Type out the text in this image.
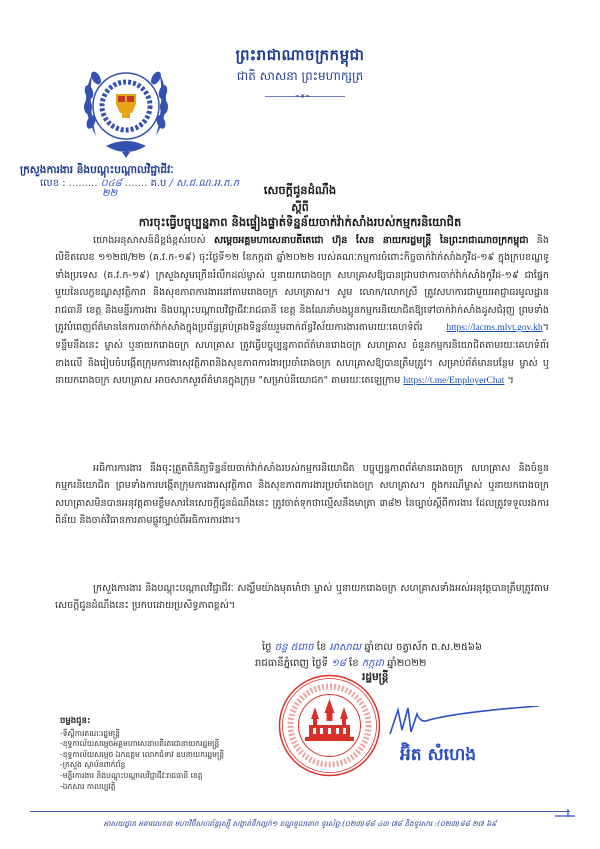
ព្រះរាជាណាចក្រកម្ពុជា
ជាតិ សាសនា ព្រះមហាក្សត្រ
❧❦❧
ក្រសួងការងារ និងបណ្ដុះបណ្ដាលវិជ្ជាជីវៈ
លេខ : ......... ០៤៨ ....... គ.ប / ស.ជ.ណ.អ.ភ.ក
២២	សេចក្ដីជូនដំណឹង
ស្ដីពី
ការចុះធ្វើបច្ចុប្បន្នភាព និងផ្ទៀងផ្ទាត់ទិន្នន័យចាក់វ៉ាក់សាំងរបស់កម្មករនិយោជិត

យោងអនុសាសន៍ដ៏ខ្ពង់ខ្ពស់របស់ សម្ដេចអគ្គមហាសេនាបតីតេជោ ហ៊ុន សែន នាយករដ្ឋមន្ត្រី នៃព្រះរាជាណាចក្រកម្ពុជា និងលិខិតលេខ ១១២៧/២២ (គ.វ.ក-១៩) ចុះថ្ងៃទី១២ ខែកក្កដា ឆ្នាំ២០២២ របស់គណៈកម្មការចំពោះកិច្ចចាក់វ៉ាក់សាំងកូវីដ-១៩ ក្នុងក្របខណ្ឌទូទាំងប្រទេស (គ.វ.ក-១៩) ក្រសួងសូមក្រើនរំលឹកដល់ម្ចាស់ ឬនាយករោងចក្រ សហគ្រាសឱ្យបានជ្រាបថាការចាក់វ៉ាក់សាំងកូវីដ-១៩ ជាផ្នែកមួយនៃលក្ខខណ្ឌសុវត្ថិភាព និងសុខភាពការងារនៅតាមរោងចក្រ សហគ្រាស។ សូម លោក/លោកស្រី ត្រូវសហការជាមួយអាជ្ញាធរមូលដ្ឋានរាជធានី ខេត្ត និងមន្ទីរការងារ និងបណ្ដុះបណ្ដាលវិជ្ជាជីវៈរាជធានី ខេត្ត និងណែនាំបងប្អូនកម្មករនិយោជិតឱ្យទៅចាក់វ៉ាក់សាំងដូសជំរុញ ព្រមទាំងត្រូវបំពេញព័ត៌មាននៃការចាក់វ៉ាក់សាំងក្នុងប្រព័ន្ធគ្រប់គ្រងទិន្នន័យរួមពាក់ព័ន្ធវិស័យការងារតាមរយៈគេហទំព័រ	https://lacms.mlvt.gov.kh។ ទន្ទឹមនឹងនេះ ម្ចាស់ ឬនាយករោងចក្រ សហគ្រាស ត្រូវធ្វើបច្ចុប្បន្នភាពព័ត៌មានរោងចក្រ សហគ្រាស ចំនួនកម្មករនិយោជិតតាមរយៈគេហទំព័រខាងលើ និងរៀបចំបង្កើតក្រុមការងារសុវត្ថិភាពនិងសុខភាពការងារប្រចាំរោងចក្រ សហគ្រាសឱ្យបានត្រឹមត្រូវ។ សម្រាប់ព័ត៌មានបន្ថែម ម្ចាស់ ឬនាយករោងចក្រ សហគ្រាស អាចសាកសួរព័ត៌មានក្នុងក្រុម "សម្រាប់និយោជក" តាមរយៈតេឡេក្រាម https://t.me/EmployerChat ។

អធិការការងារ នឹងចុះត្រួតពិនិត្យទិន្នន័យចាក់វ៉ាក់សាំងរបស់កម្មករនិយោជិត បច្ចុប្បន្នភាពព័ត៌មានរោងចក្រ សហគ្រាស និងចំនួនកម្មករនិយោជិត ព្រមទាំងការបង្កើតក្រុមការងារសុវត្ថិភាព និងសុខភាពការងារប្រចាំរោងចក្រ សហគ្រាស។ ក្នុងករណីម្ចាស់ ឬនាយករោងចក្រ សហគ្រាសមិនបានអនុវត្តតាមខ្លឹមសារនៃសេចក្ដីជូនដំណឹងនេះ ត្រូវចាត់ទុកថាល្មើសនឹងមាត្រា ៣៨២ នៃច្បាប់ស្ដីពីការងារ ដែលត្រូវទទួលរងការពិន័យ និងចាត់វិធានការតាមផ្លូវច្បាប់ពីអធិការការងារ។

ក្រសួងការងារ និងបណ្ដុះបណ្ដាលវិជ្ជាជីវៈ សង្ឃឹមយ៉ាងមុតមាំថា ម្ចាស់ ឬនាយករោងចក្រ សហគ្រាសទាំងអស់អនុវត្តបានត្រឹមត្រូវតាមសេចក្ដីជូនដំណឹងនេះ ប្រកបដោយប្រសិទ្ធភាពខ្ពស់។

ថ្ងៃ ចន្ទ ៥រោច ខែ អាសាឍ ឆ្នាំខាល ចត្វាស័ក ព.ស.២៥៦៦
រាជធានីភ្នំពេញ ថ្ងៃទី ១៨ ខែ កក្កដា ឆ្នាំ២០២២
រដ្ឋមន្ត្រី
អ៊ិត សំហេង
ចម្លងជូន:
-ទីស្ដីការគណៈរដ្ឋមន្ត្រី
-ខុទ្ទកាល័យសម្ដេចអគ្គមហាសេនាបតីតេជោនាយករដ្ឋមន្ត្រី
-ខុទ្ទកាល័យសម្ដេច ឯកឧត្ដម លោកជំទាវ ឧបនាយករដ្ឋមន្ត្រី
-ក្រសួង ស្ថាប័នពាក់ព័ន្ធ
-មន្ទីរការងារ និងបណ្ដុះបណ្ដាលវិជ្ជាជីវៈរាជធានី ខេត្ត
-ឯកសារ កាលប្បវត្តិ
អាសយដ្ឋាន អគារលេខ៣ មហាវិថីសហព័ន្ធរុស្ស៊ី សង្កាត់ទឹកល្អក់១ ខណ្ឌទួលគោក ទូរស័ព្ទ:(០២៣)៨៨ ៤៣ ៧៨ និងទូរសារ :(០២៣)៨៨ ២៧ ៦៩
